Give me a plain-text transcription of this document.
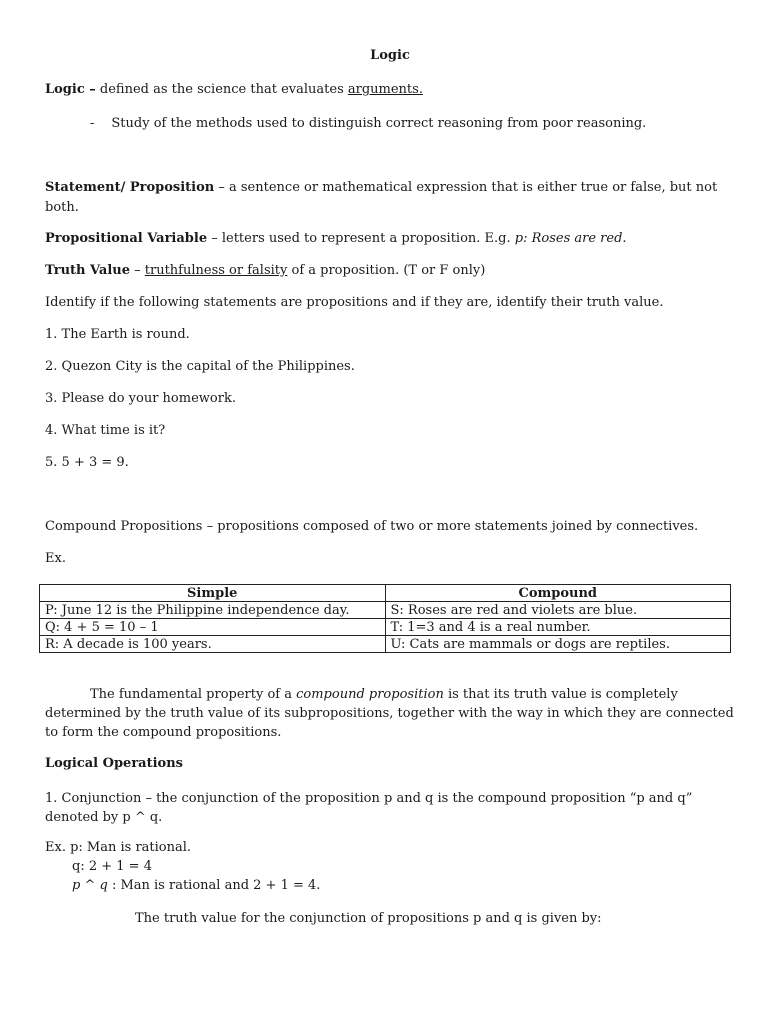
Logic
Logic – defined as the science that evaluates arguments.
- Study of the methods used to distinguish correct reasoning from poor reasoning.
Statement/ Proposition – a sentence or mathematical expression that is either true or false, but not both.
Propositional Variable – letters used to represent a proposition. E.g. p: Roses are red.
Truth Value – truthfulness or falsity of a proposition. (T or F only)
Identify if the following statements are propositions and if they are, identify their truth value.
1. The Earth is round.
2. Quezon City is the capital of the Philippines.
3. Please do your homework.
4. What time is it?
5. 5 + 3 = 9.
Compound Propositions – propositions composed of two or more statements joined by connectives.
Ex.
Simple	Compound
P: June 12 is the Philippine independence day.	S: Roses are red and violets are blue.
Q: 4 + 5 = 10 – 1	T: 1=3 and 4 is a real number.
R: A decade is 100 years.	U: Cats are mammals or dogs are reptiles.
The fundamental property of a compound proposition is that its truth value is completely determined by the truth value of its subpropositions, together with the way in which they are connected to form the compound propositions.
Logical Operations
1. Conjunction – the conjunction of the proposition p and q is the compound proposition “p and q” denoted by p ^ q.
Ex. p: Man is rational.
q: 2 + 1 = 4
p ^ q : Man is rational and 2 + 1 = 4.
The truth value for the conjunction of propositions p and q is given by:
